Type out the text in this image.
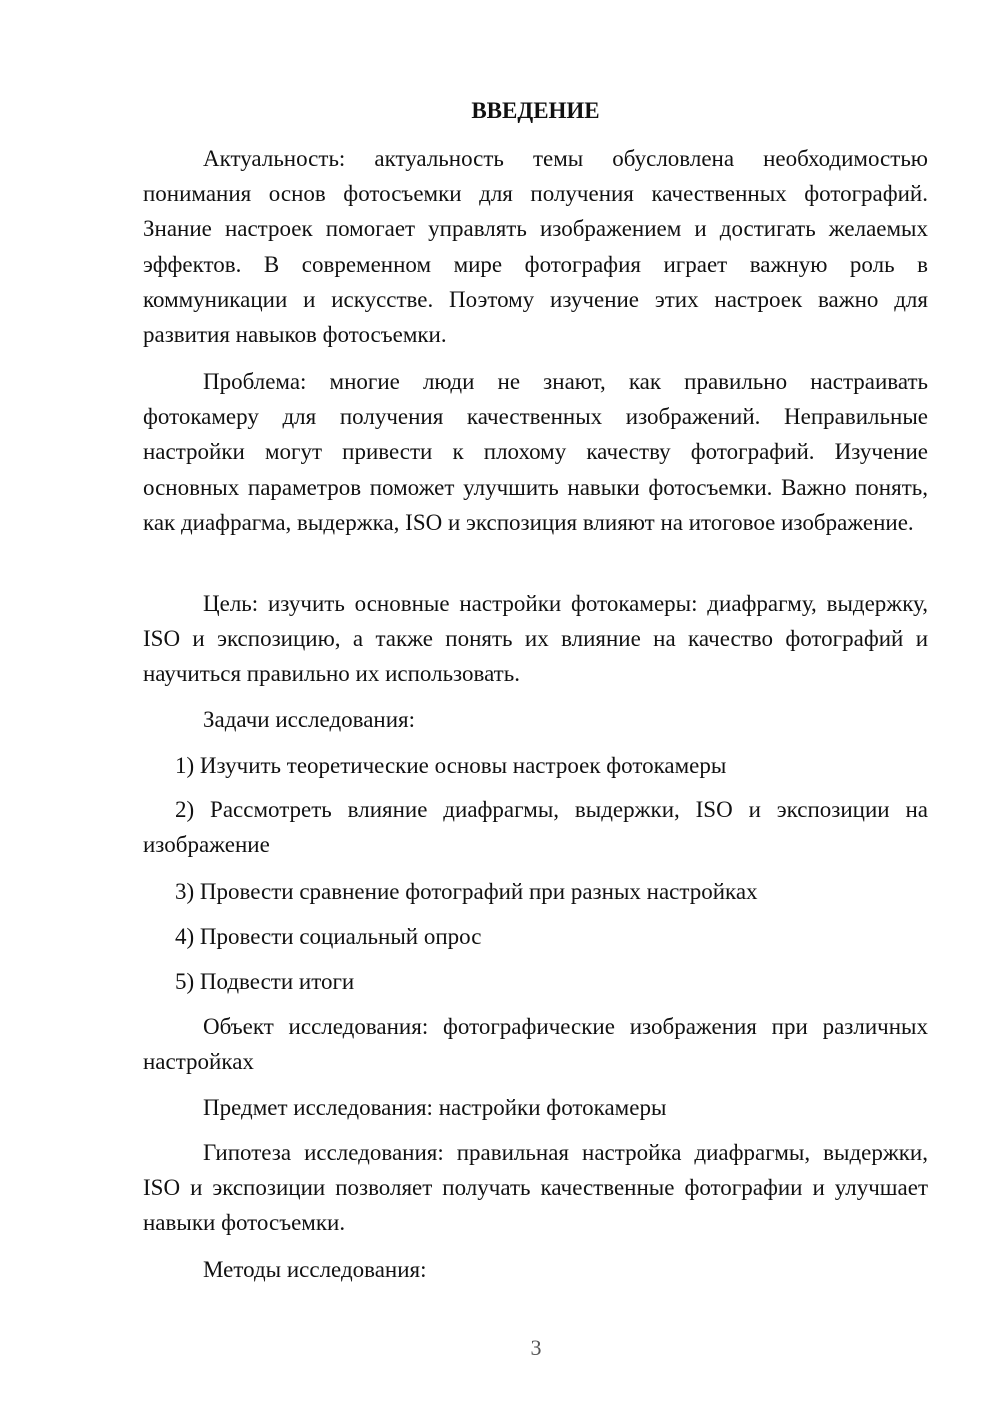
ВВЕДЕНИЕ

Актуальность: актуальность темы обусловлена необходимостью понимания основ фотосъемки для получения качественных фотографий. Знание настроек помогает управлять изображением и достигать желаемых эффектов. В современном мире фотография играет важную роль в коммуникации и искусстве. Поэтому изучение этих настроек важно для развития навыков фотосъемки.

Проблема: многие люди не знают, как правильно настраивать фотокамеру для получения качественных изображений. Неправильные настройки могут привести к плохому качеству фотографий. Изучение основных параметров поможет улучшить навыки фотосъемки. Важно понять, как диафрагма, выдержка, ISO и экспозиция влияют на итоговое изображение.

Цель: изучить основные настройки фотокамеры: диафрагму, выдержку, ISO и экспозицию, а также понять их влияние на качество фотографий и научиться правильно их использовать.

Задачи исследования:

1) Изучить теоретические основы настроек фотокамеры

2) Рассмотреть влияние диафрагмы, выдержки, ISO и экспозиции на изображение

3) Провести сравнение фотографий при разных настройках

4) Провести социальный опрос

5) Подвести итоги

Объект исследования: фотографические изображения при различных настройках

Предмет исследования: настройки фотокамеры

Гипотеза исследования: правильная настройка диафрагмы, выдержки, ISO и экспозиции позволяет получать качественные фотографии и улучшает навыки фотосъемки.

Методы исследования:

3
